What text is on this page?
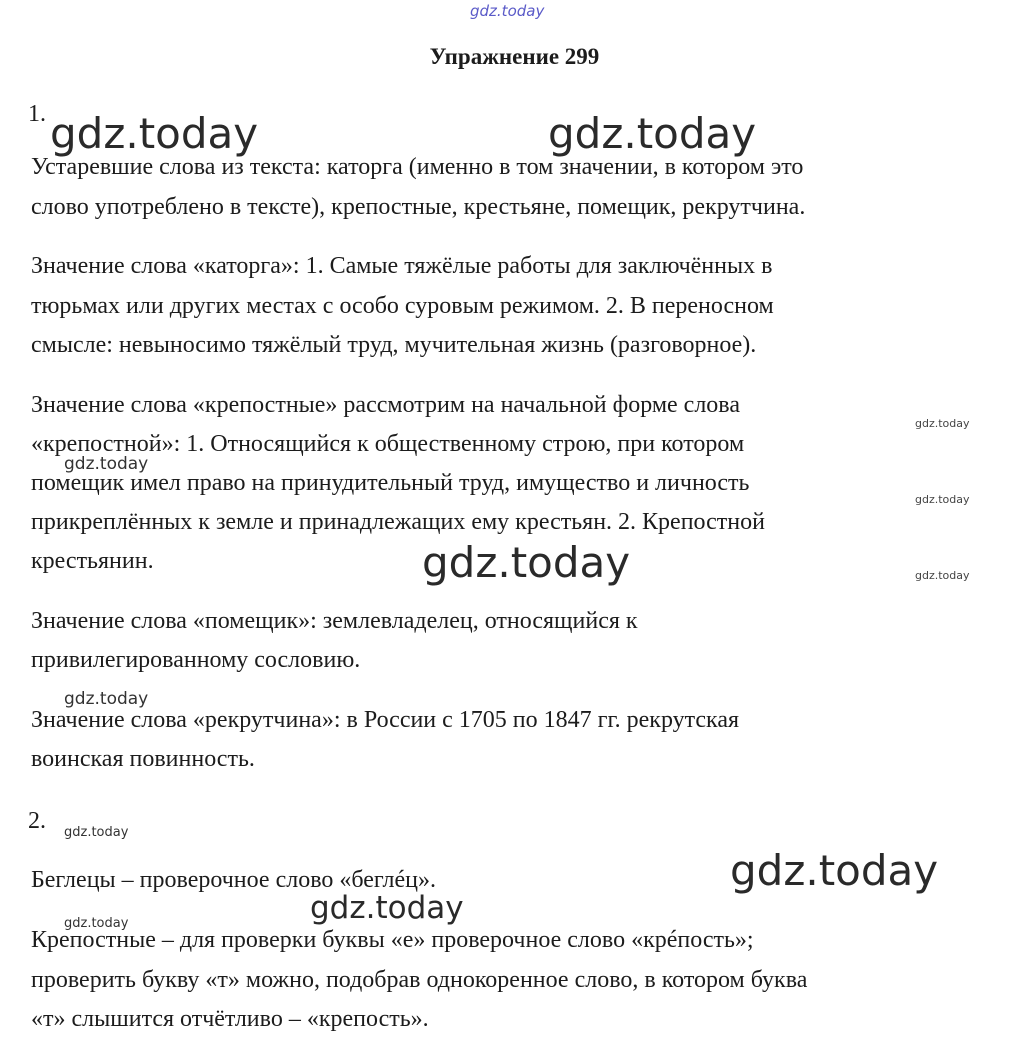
gdz.today
gdz.today	gdz.today
gdz.today
gdz.today
gdz.today
gdz.today
gdz.today
gdz.today	gdz.today
gdz.today
gdz.today
gdz.today
Упражнение 299

1.

Устаревшие слова из текста: каторга (именно в том значении, в котором это

слово употреблено в тексте), крепостные, крестьяне, помещик, рекрутчина.

Значение слова «каторга»: 1. Самые тяжёлые работы для заключённых в

тюрьмах или других местах с особо суровым режимом. 2. В переносном

смысле: невыносимо тяжёлый труд, мучительная жизнь (разговорное).

Значение слова «крепостные» рассмотрим на начальной форме слова

«крепостной»: 1. Относящийся к общественному строю, при котором

помещик имел право на принудительный труд, имущество и личность

прикреплённых к земле и принадлежащих ему крестьян. 2. Крепостной

крестьянин.

Значение слова «помещик»: землевладелец, относящийся к

привилегированному сословию.

Значение слова «рекрутчина»: в России с 1705 по 1847 гг. рекрутская

воинская повинность.

2.

Беглецы – проверочное слово «беглéц».

Крепостные – для проверки буквы «е» проверочное слово «крéпость»;

проверить букву «т» можно, подобрав однокоренное слово, в котором буква

«т» слышится отчётливо – «крепость».
